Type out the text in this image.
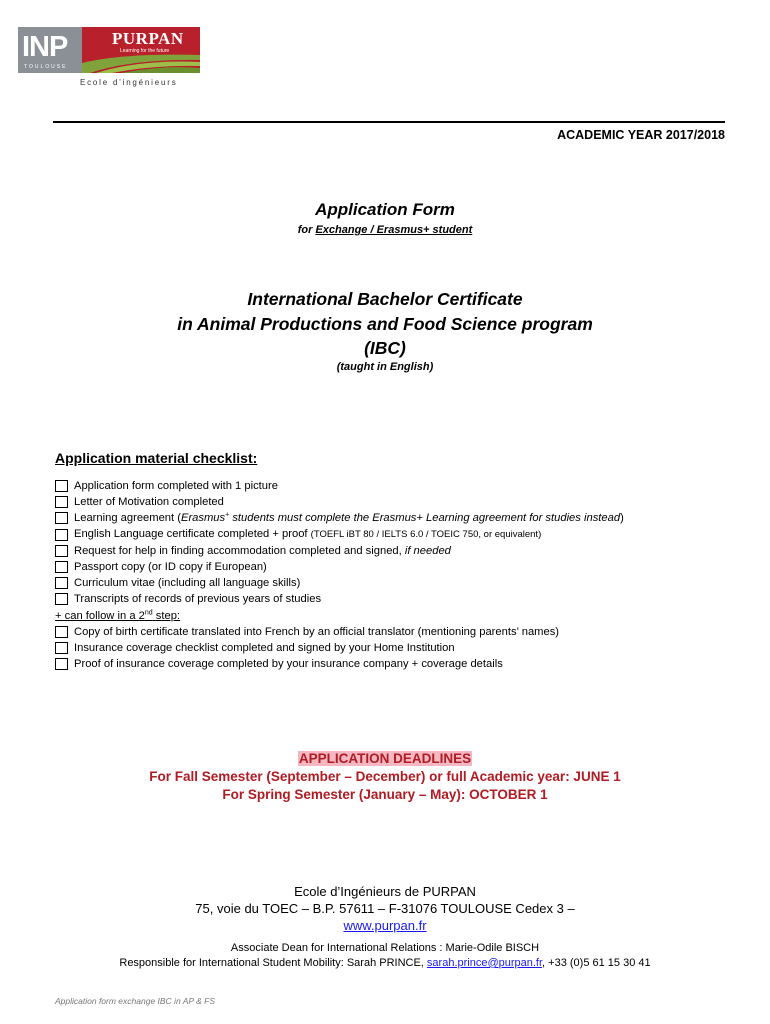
INP
TOULOUSE
PURPAN
Learning for the future
Ecole d'ingénieurs
ACADEMIC YEAR 2017/2018
Application Form
for Exchange / Erasmus+ student
International Bachelor Certificate
in Animal Productions and Food Science program
(IBC)
(taught in English)
Application material checklist:
Application form completed with 1 picture
Letter of Motivation completed
Learning agreement (Erasmus+ students must complete the Erasmus+ Learning agreement for studies instead)
English Language certificate completed + proof (TOEFL iBT 80 / IELTS 6.0 / TOEIC 750, or equivalent)
Request for help in finding accommodation completed and signed, if needed
Passport copy (or ID copy if European)
Curriculum vitae (including all language skills)
Transcripts of records of previous years of studies
+ can follow in a 2nd step:
Copy of birth certificate translated into French by an official translator (mentioning parents’ names)
Insurance coverage checklist completed and signed by your Home Institution
Proof of insurance coverage completed by your insurance company + coverage details
APPLICATION DEADLINES
For Fall Semester (September – December) or full Academic year: JUNE 1
For Spring Semester (January – May): OCTOBER 1
Ecole d’Ingénieurs de PURPAN
75, voie du TOEC – B.P. 57611 – F-31076 TOULOUSE Cedex 3 –
www.purpan.fr
Associate Dean for International Relations : Marie-Odile BISCH
Responsible for International Student Mobility: Sarah PRINCE, sarah.prince@purpan.fr, +33 (0)5 61 15 30 41
Application form exchange IBC in AP & FS
